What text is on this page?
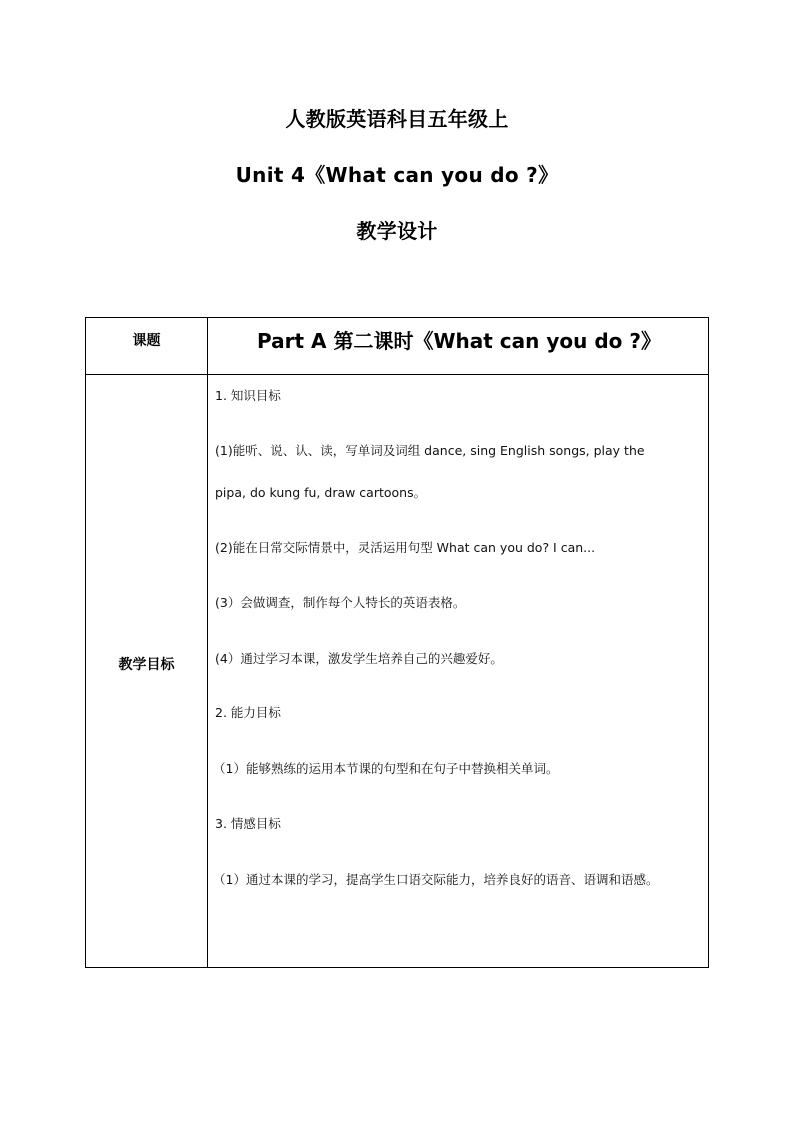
人教版英语科目五年级上
Unit 4《What can you do ?》
教学设计
课题	Part A 第二课时《What can you do ?》
教学目标
1. 知识目标
(1)能听、说、认、读，写单词及词组 dance, sing English songs, play the
pipa, do kung fu, draw cartoons。
(2)能在日常交际情景中，灵活运用句型 What can you do? I can...
(3）会做调查，制作每个人特长的英语表格。
(4）通过学习本课，激发学生培养自己的兴趣爱好。
2. 能力目标
（1）能够熟练的运用本节课的句型和在句子中替换相关单词。
3. 情感目标
（1）通过本课的学习，提高学生口语交际能力，培养良好的语音、语调和语感。
